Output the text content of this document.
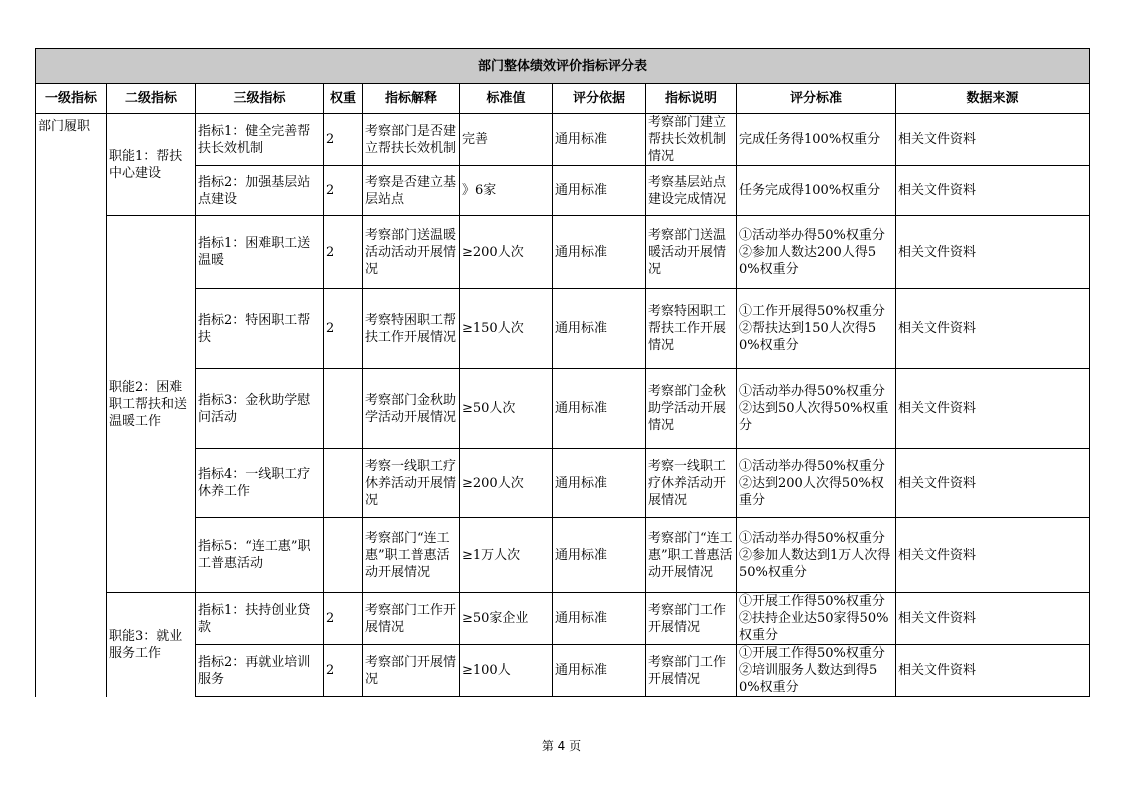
部门整体绩效评价指标评分表									
一级指标	二级指标	三级指标	权重	指标解释	标准值	评分依据	指标说明	评分标准	数据来源
部门履职	职能1：帮扶中心建设	指标1：健全完善帮扶长效机制	2	考察部门是否建立帮扶长效机制	完善	通用标准	考察部门建立帮扶长效机制情况	完成任务得100%权重分	相关文件资料
		指标2：加强基层站点建设	2	考察是否建立基层站点	》6家	通用标准	考察基层站点建设完成情况	任务完成得100%权重分	相关文件资料
	职能2：困难职工帮扶和送温暖工作	指标1：困难职工送温暖	2	考察部门送温暖活动活动开展情况	≥200人次	通用标准	考察部门送温暖活动开展情况	①活动举办得50%权重分②参加人数达200人得50%权重分	相关文件资料
		指标2：特困职工帮扶	2	考察特困职工帮扶工作开展情况	≥150人次	通用标准	考察特困职工帮扶工作开展情况	①工作开展得50%权重分②帮扶达到150人次得50%权重分	相关文件资料
		指标3：金秋助学慰问活动		考察部门金秋助学活动开展情况	≥50人次	通用标准	考察部门金秋助学活动开展情况	①活动举办得50%权重分②达到50人次得50%权重分	相关文件资料
		指标4：一线职工疗休养工作		考察一线职工疗休养活动开展情况	≥200人次	通用标准	考察一线职工疗休养活动开展情况	①活动举办得50%权重分②达到200人次得50%权重分	相关文件资料
		指标5：“连工惠”职工普惠活动		考察部门“连工惠”职工普惠活动开展情况	≥1万人次	通用标准	考察部门“连工惠”职工普惠活动开展情况	①活动举办得50%权重分②参加人数达到1万人次得50%权重分	相关文件资料
	职能3：就业服务工作	指标1：扶持创业贷款	2	考察部门工作开展情况	≥50家企业	通用标准	考察部门工作开展情况	①开展工作得50%权重分②扶持企业达50家得50%权重分	相关文件资料
		指标2：再就业培训服务	2	考察部门开展情况	≥100人	通用标准	考察部门工作开展情况	①开展工作得50%权重分②培训服务人数达到得50%权重分	相关文件资料
第 4 页
